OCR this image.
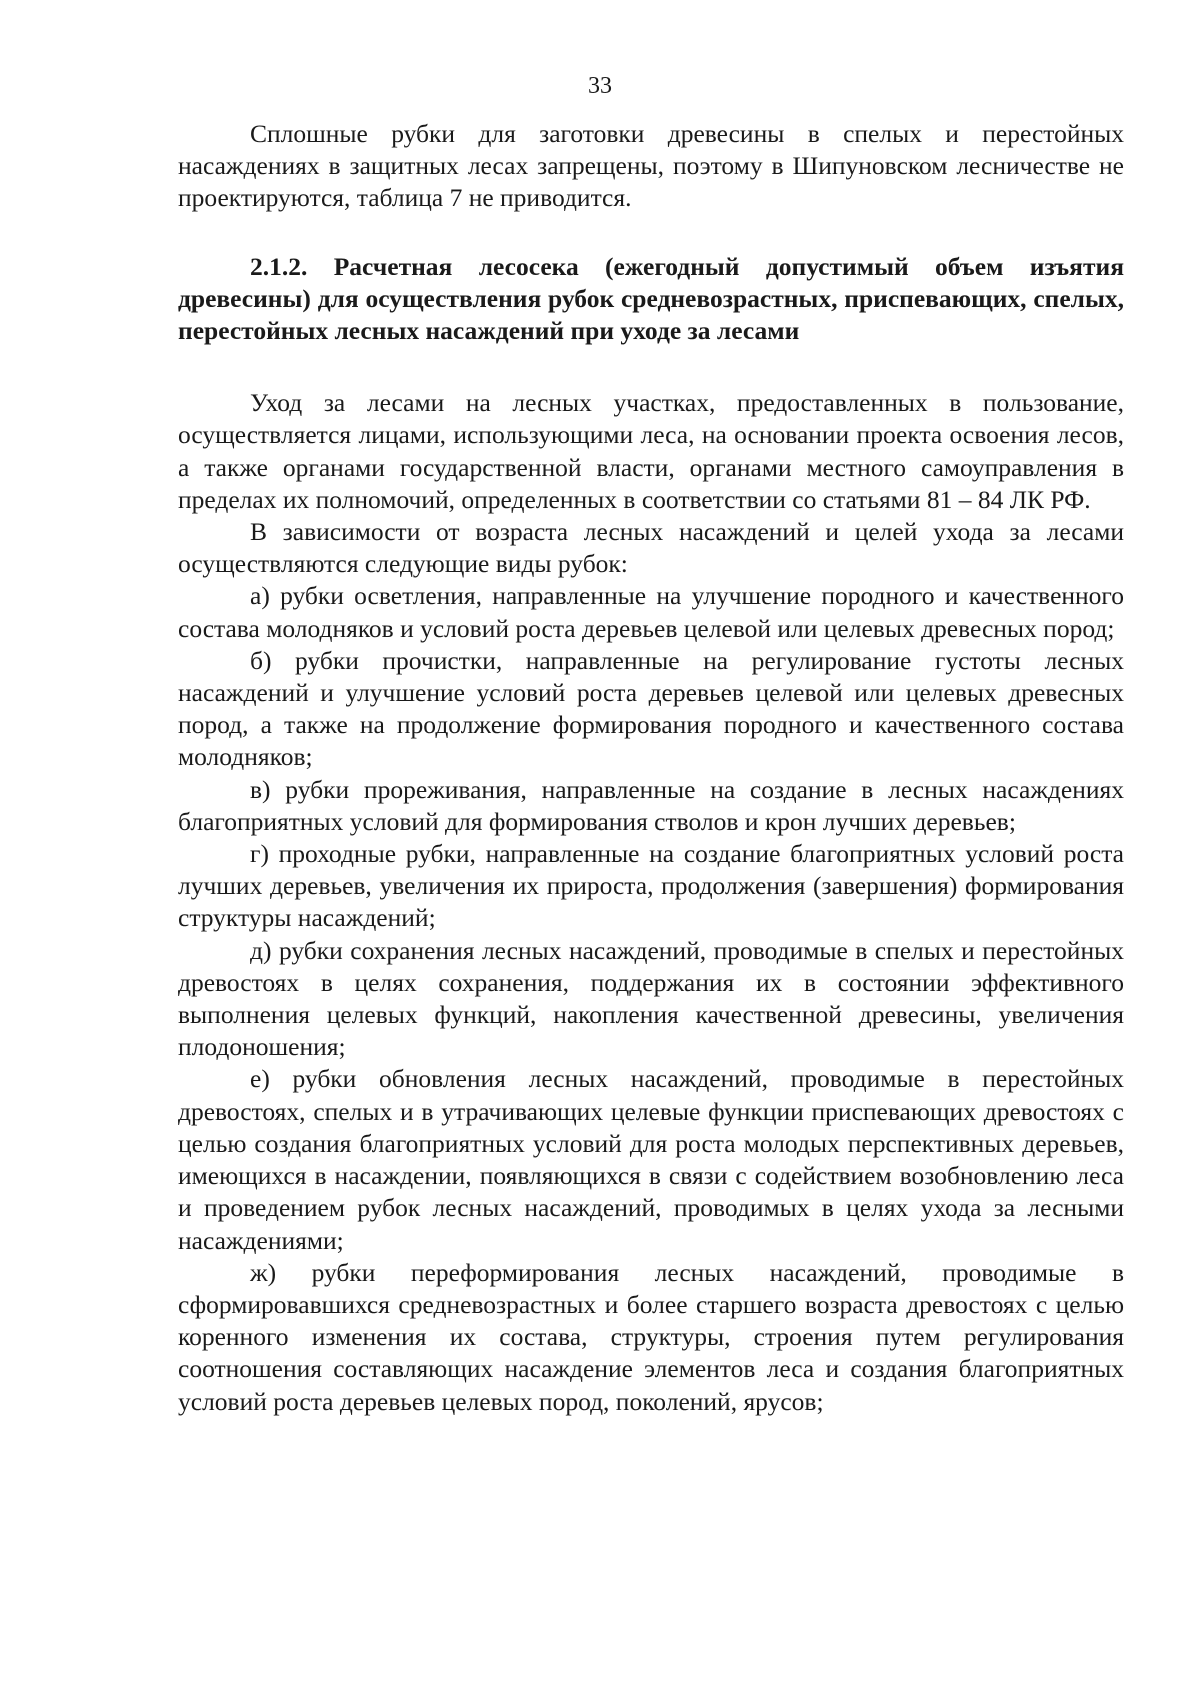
33

Сплошные рубки для заготовки древесины в спелых и перестойных насаждениях в защитных лесах запрещены, поэтому в Шипуновском лесничестве не проектируются, таблица 7 не приводится.

2.1.2. Расчетная лесосека (ежегодный допустимый объем изъятия древесины) для осуществления рубок средневозрастных, приспевающих, спелых, перестойных лесных насаждений при уходе за лесами

Уход за лесами на лесных участках, предоставленных в пользование, осуществляется лицами, использующими леса, на основании проекта освоения лесов, а также органами государственной власти, органами местного самоуправления в пределах их полномочий, определенных в соответствии со статьями 81 – 84 ЛК РФ.

В зависимости от возраста лесных насаждений и целей ухода за лесами осуществляются следующие виды рубок:

а) рубки осветления, направленные на улучшение породного и качественного состава молодняков и условий роста деревьев целевой или целевых древесных пород;

б) рубки прочистки, направленные на регулирование густоты лесных насаждений и улучшение условий роста деревьев целевой или целевых древесных пород, а также на продолжение формирования породного и качественного состава молодняков;

в) рубки прореживания, направленные на создание в лесных насаждениях благоприятных условий для формирования стволов и крон лучших деревьев;

г) проходные рубки, направленные на создание благоприятных условий роста лучших деревьев, увеличения их прироста, продолжения (завершения) формирования структуры насаждений;

д) рубки сохранения лесных насаждений, проводимые в спелых и перестойных древостоях в целях сохранения, поддержания их в состоянии эффективного выполнения целевых функций, накопления качественной древесины, увеличения плодоношения;

е) рубки обновления лесных насаждений, проводимые в перестойных древостоях, спелых и в утрачивающих целевые функции приспевающих древостоях с целью создания благоприятных условий для роста молодых перспективных деревьев, имеющихся в насаждении, появляющихся в связи с содействием возобновлению леса и проведением рубок лесных насаждений, проводимых в целях ухода за лесными насаждениями;

ж) рубки переформирования лесных насаждений, проводимые в сформировавшихся средневозрастных и более старшего возраста древостоях с целью коренного изменения их состава, структуры, строения путем регулирования соотношения составляющих насаждение элементов леса и создания благоприятных условий роста деревьев целевых пород, поколений, ярусов;
